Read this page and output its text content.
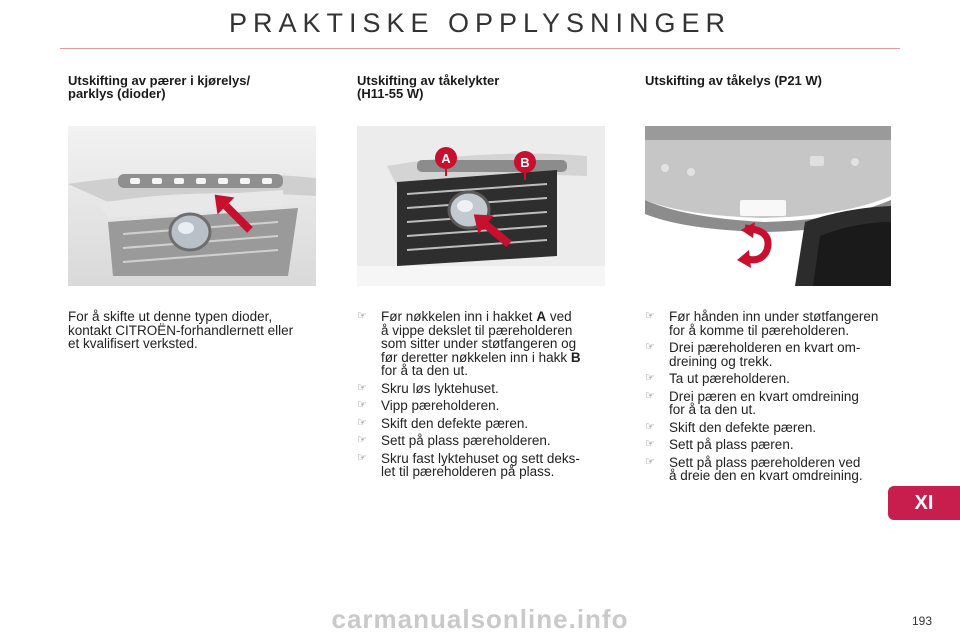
PRAKTISKE OPPLYSNINGER
Utskifting av pærer i kjørelys/
parklys (dioder)
For å skifte ut denne typen dioder,
kontakt CITROËN-forhandlernett eller
et kvalifisert verksted.
Utskifting av tåkelykter
(H11-55 W)
A	B
☞ Før nøkkelen inn i hakket A ved
å vippe dekslet til pæreholderen
som sitter under støtfangeren og
før deretter nøkkelen inn i hakk B
for å ta den ut.
☞ Skru løs lyktehuset.
☞ Vipp pæreholderen.
☞ Skift den defekte pæren.
☞ Sett på plass pæreholderen.
☞ Skru fast lyktehuset og sett deks-
let til pæreholderen på plass.
Utskifting av tåkelys (P21 W)
☞ Før hånden inn under støtfangeren
for å komme til pæreholderen.
☞ Drei pæreholderen en kvart om-
dreining og trekk.
☞ Ta ut pæreholderen.
☞ Drei pæren en kvart omdreining
for å ta den ut.
☞ Skift den defekte pæren.
☞ Sett på plass pæren.
☞ Sett på plass pæreholderen ved
å dreie den en kvart omdreining.
XI
carmanualsonline.info	193
